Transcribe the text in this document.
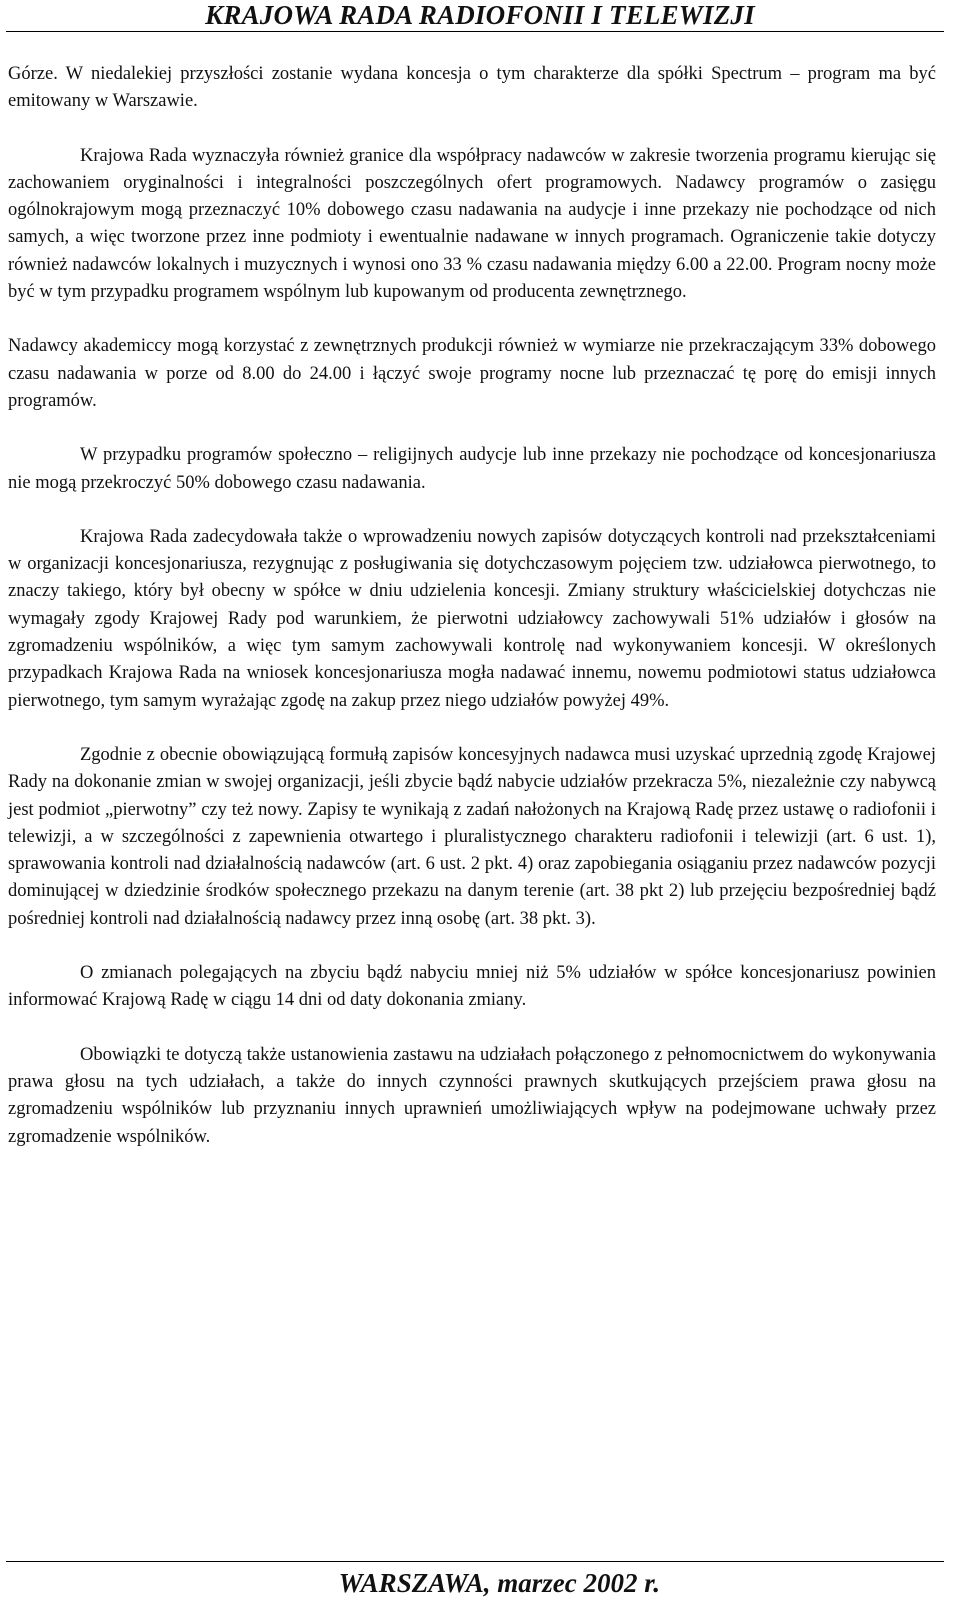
KRAJOWA RADA RADIOFONII I TELEWIZJI

Górze. W niedalekiej przyszłości zostanie wydana koncesja o tym charakterze dla spółki Spectrum – program ma być emitowany w Warszawie.

Krajowa Rada wyznaczyła również granice dla współpracy nadawców w zakresie tworzenia programu kierując się zachowaniem oryginalności i integralności poszczególnych ofert programowych. Nadawcy programów o zasięgu ogólnokrajowym mogą przeznaczyć 10% dobowego czasu nadawania na audycje i inne przekazy nie pochodzące od nich samych, a więc tworzone przez inne podmioty i ewentualnie nadawane w innych programach. Ograniczenie takie dotyczy również nadawców lokalnych i muzycznych i wynosi ono 33 % czasu nadawania między 6.00 a 22.00. Program nocny może być w tym przypadku programem wspólnym lub kupowanym od producenta zewnętrznego.

Nadawcy akademiccy mogą korzystać z zewnętrznych produkcji również w wymiarze nie przekraczającym 33% dobowego czasu nadawania w porze od 8.00 do 24.00 i łączyć swoje programy nocne lub przeznaczać tę porę do emisji innych programów.

W przypadku programów społeczno – religijnych audycje lub inne przekazy nie pochodzące od koncesjonariusza nie mogą przekroczyć 50% dobowego czasu nadawania.

Krajowa Rada zadecydowała także o wprowadzeniu nowych zapisów dotyczących kontroli nad przekształceniami w organizacji koncesjonariusza, rezygnując z posługiwania się dotychczasowym pojęciem tzw. udziałowca pierwotnego, to znaczy takiego, który był obecny w spółce w dniu udzielenia koncesji. Zmiany struktury właścicielskiej dotychczas nie wymagały zgody Krajowej Rady pod warunkiem, że pierwotni udziałowcy zachowywali 51% udziałów i głosów na zgromadzeniu wspólników, a więc tym samym zachowywali kontrolę nad wykonywaniem koncesji. W określonych przypadkach Krajowa Rada na wniosek koncesjonariusza mogła nadawać innemu, nowemu podmiotowi status udziałowca pierwotnego, tym samym wyrażając zgodę na zakup przez niego udziałów powyżej 49%.

Zgodnie z obecnie obowiązującą formułą zapisów koncesyjnych nadawca musi uzyskać uprzednią zgodę Krajowej Rady na dokonanie zmian w swojej organizacji, jeśli zbycie bądź nabycie udziałów przekracza 5%, niezależnie czy nabywcą jest podmiot „pierwotny” czy też nowy. Zapisy te wynikają z zadań nałożonych na Krajową Radę przez ustawę o radiofonii i telewizji, a w szczególności z zapewnienia otwartego i pluralistycznego charakteru radiofonii i telewizji (art. 6 ust. 1), sprawowania kontroli nad działalnością nadawców (art. 6 ust. 2 pkt. 4) oraz zapobiegania osiąganiu przez nadawców pozycji dominującej w dziedzinie środków społecznego przekazu na danym terenie (art. 38 pkt 2) lub przejęciu bezpośredniej bądź pośredniej kontroli nad działalnością nadawcy przez inną osobę (art. 38 pkt. 3).

O zmianach polegających na zbyciu bądź nabyciu mniej niż 5% udziałów w spółce koncesjonariusz powinien informować Krajową Radę w ciągu 14 dni od daty dokonania zmiany.

Obowiązki te dotyczą także ustanowienia zastawu na udziałach połączonego z pełnomocnictwem do wykonywania prawa głosu na tych udziałach, a także do innych czynności prawnych skutkujących przejściem prawa głosu na zgromadzeniu wspólników lub przyznaniu innych uprawnień umożliwiających wpływ na podejmowane uchwały przez zgromadzenie wspólników.

WARSZAWA, marzec 2002 r.
